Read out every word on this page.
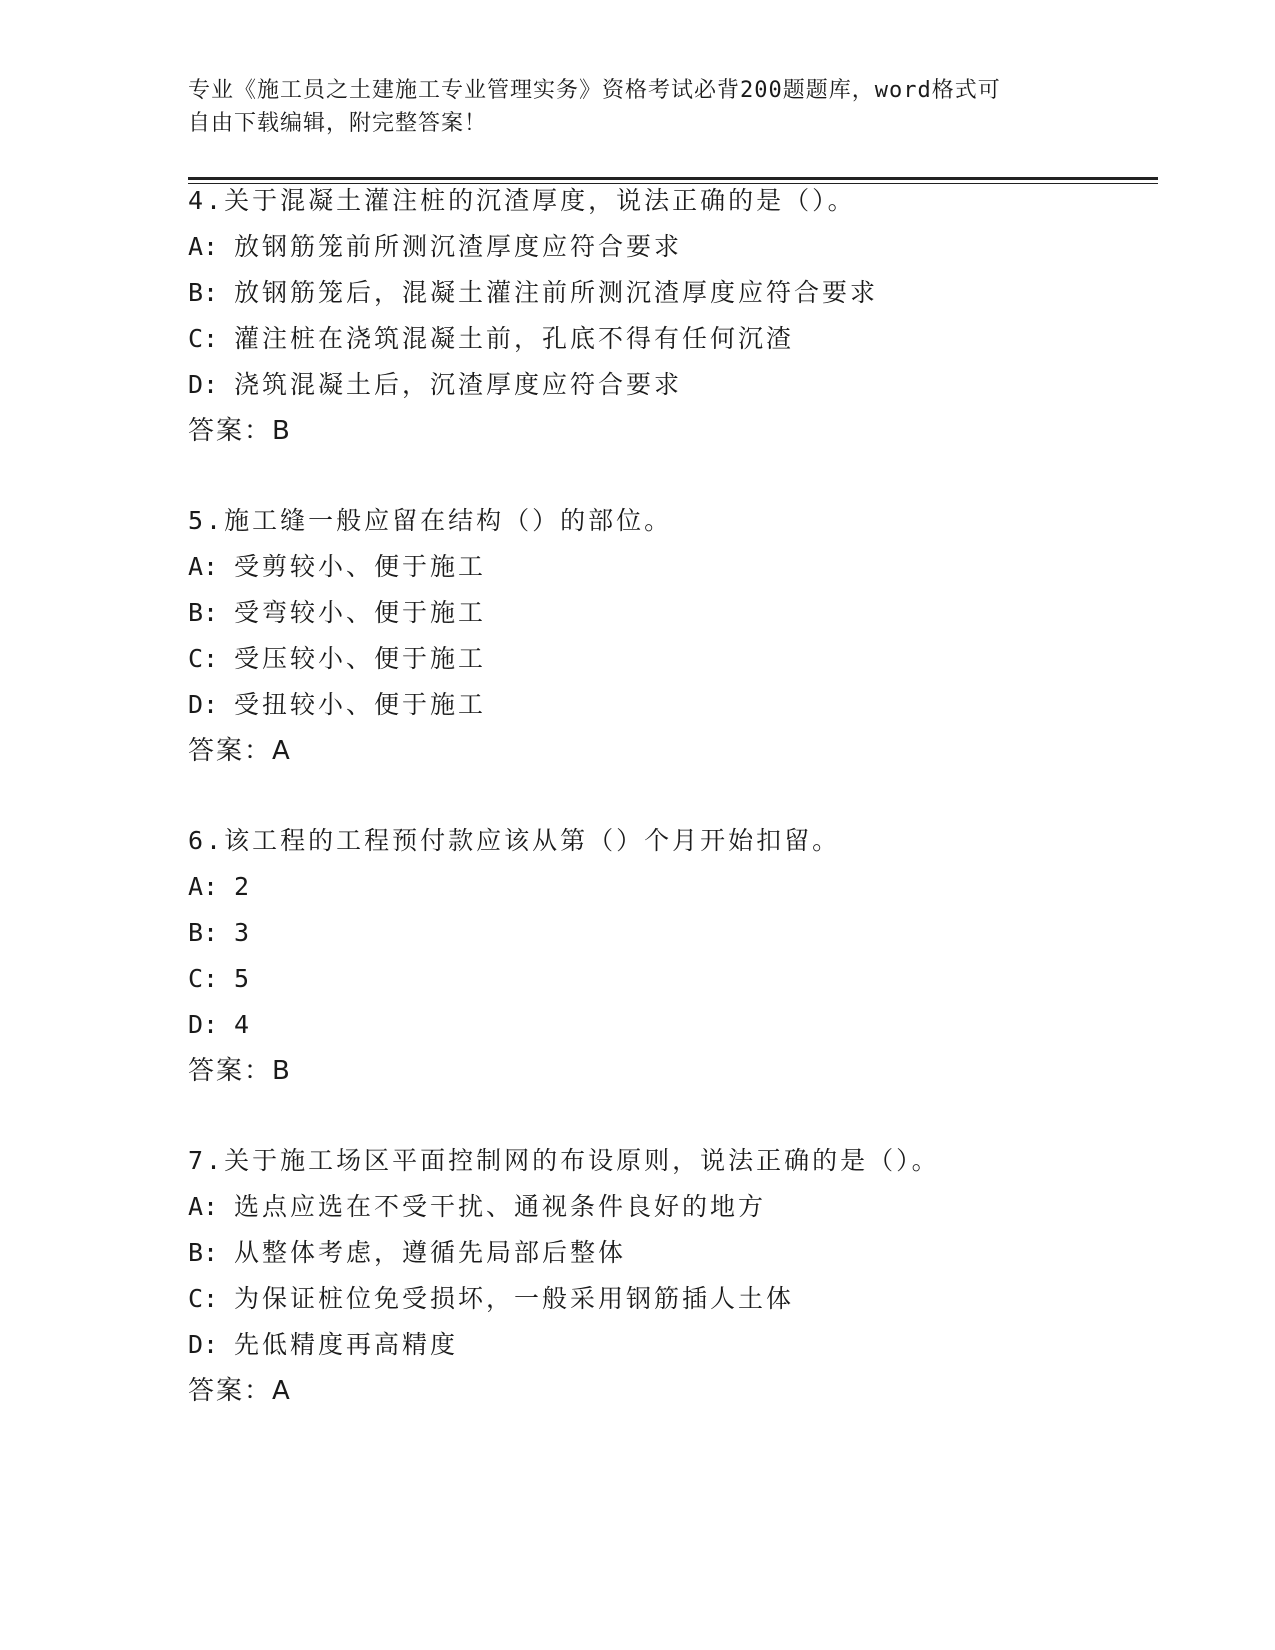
专业《施工员之土建施工专业管理实务》资格考试必背200题题库，word格式可
自由下载编辑，附完整答案！
4.关于混凝土灌注桩的沉渣厚度，说法正确的是（）。
A: 放钢筋笼前所测沉渣厚度应符合要求
B: 放钢筋笼后，混凝土灌注前所测沉渣厚度应符合要求
C: 灌注桩在浇筑混凝土前，孔底不得有任何沉渣
D: 浇筑混凝土后，沉渣厚度应符合要求
答案：B
5.施工缝一般应留在结构（）的部位。
A: 受剪较小、便于施工
B: 受弯较小、便于施工
C: 受压较小、便于施工
D: 受扭较小、便于施工
答案：A
6.该工程的工程预付款应该从第（）个月开始扣留。
A: 2
B: 3
C: 5
D: 4
答案：B
7.关于施工场区平面控制网的布设原则，说法正确的是（）。
A: 选点应选在不受干扰、通视条件良好的地方
B: 从整体考虑，遵循先局部后整体
C: 为保证桩位免受损坏，一般采用钢筋插人土体
D: 先低精度再高精度
答案：A
